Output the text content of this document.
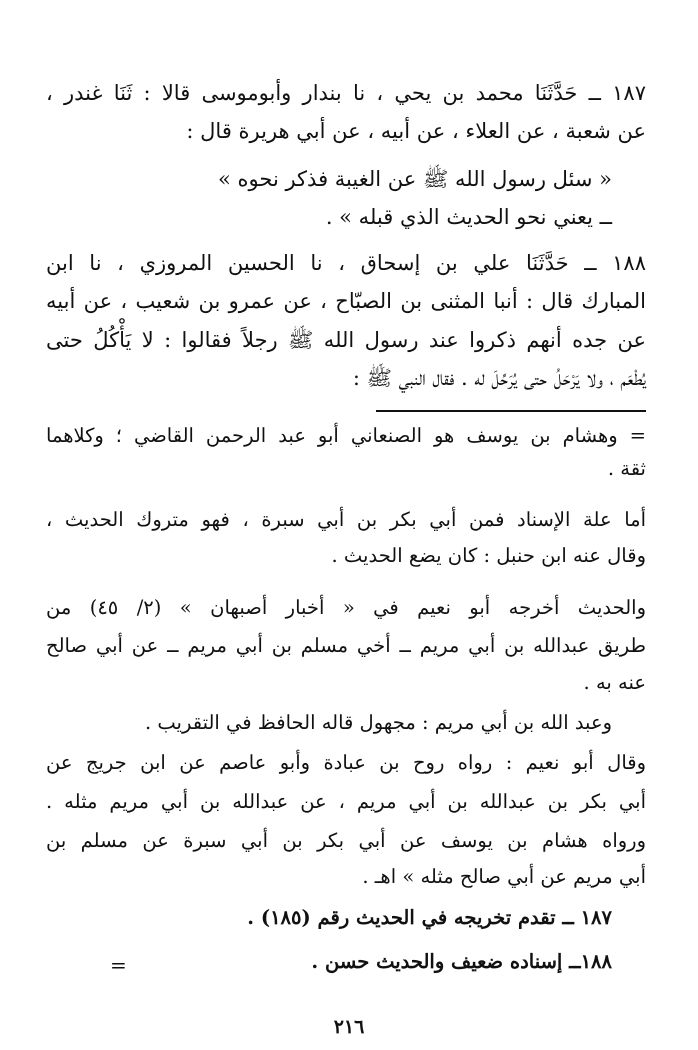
١٨٧ ــ حَدَّثَنَا محمد بن يحي ، نا بندار وأبوموسى قالا : ثَنَا غندر ،

عن شعبة ، عن العلاء ، عن أبيه ، عن أبي هريرة قال :

« سئل رسول الله ﷺ عن الغيبة فذكر نحوه »

ــ يعني نحو الحديث الذي قبله » .

١٨٨ ــ حَدَّثَنَا علي بن إسحاق ، نا الحسين المروزي ، نا ابن

المبارك قال : أنبا المثنى بن الصبّاح ، عن عمرو بن شعيب ، عن أبيه

عن جده أنهم ذكروا عند رسول الله ﷺ رجلاً فقالوا : لا يَأْكُلُ حتى

يُطْعَم ، ولا يَرْحَلُ حتى يُرَحِّلَ له . فقال النبي ﷺ :

= وهشام بن يوسف هو الصنعاني أبو عبد الرحمن القاضي ؛ وكلاهما

ثقة .

أما علة الإسناد فمن أبي بكر بن أبي سبرة ، فهو متروك الحديث ،

وقال عنه ابن حنبل : كان يضع الحديث .

والحديث أخرجه أبو نعيم في « أخبار أصبهان » (٢/ ٤٥) من

طريق عبدالله بن أبي مريم ــ أخي مسلم بن أبي مريم ــ عن أبي صالح

عنه به .

وعبد الله بن أبي مريم : مجهول قاله الحافظ في التقريب .

وقال أبو نعيم : رواه روح بن عبادة وأبو عاصم عن ابن جريج عن

أبي بكر بن عبدالله بن أبي مريم ، عن عبدالله بن أبي مريم مثله .

ورواه هشام بن يوسف عن أبي بكر بن أبي سبرة عن مسلم بن

أبي مريم عن أبي صالح مثله » اهـ .

١٨٧ ــ تقدم تخريجه في الحديث رقم (١٨٥) .

١٨٨ــ إسناده ضعيف والحديث حسن .

=
٢١٦
